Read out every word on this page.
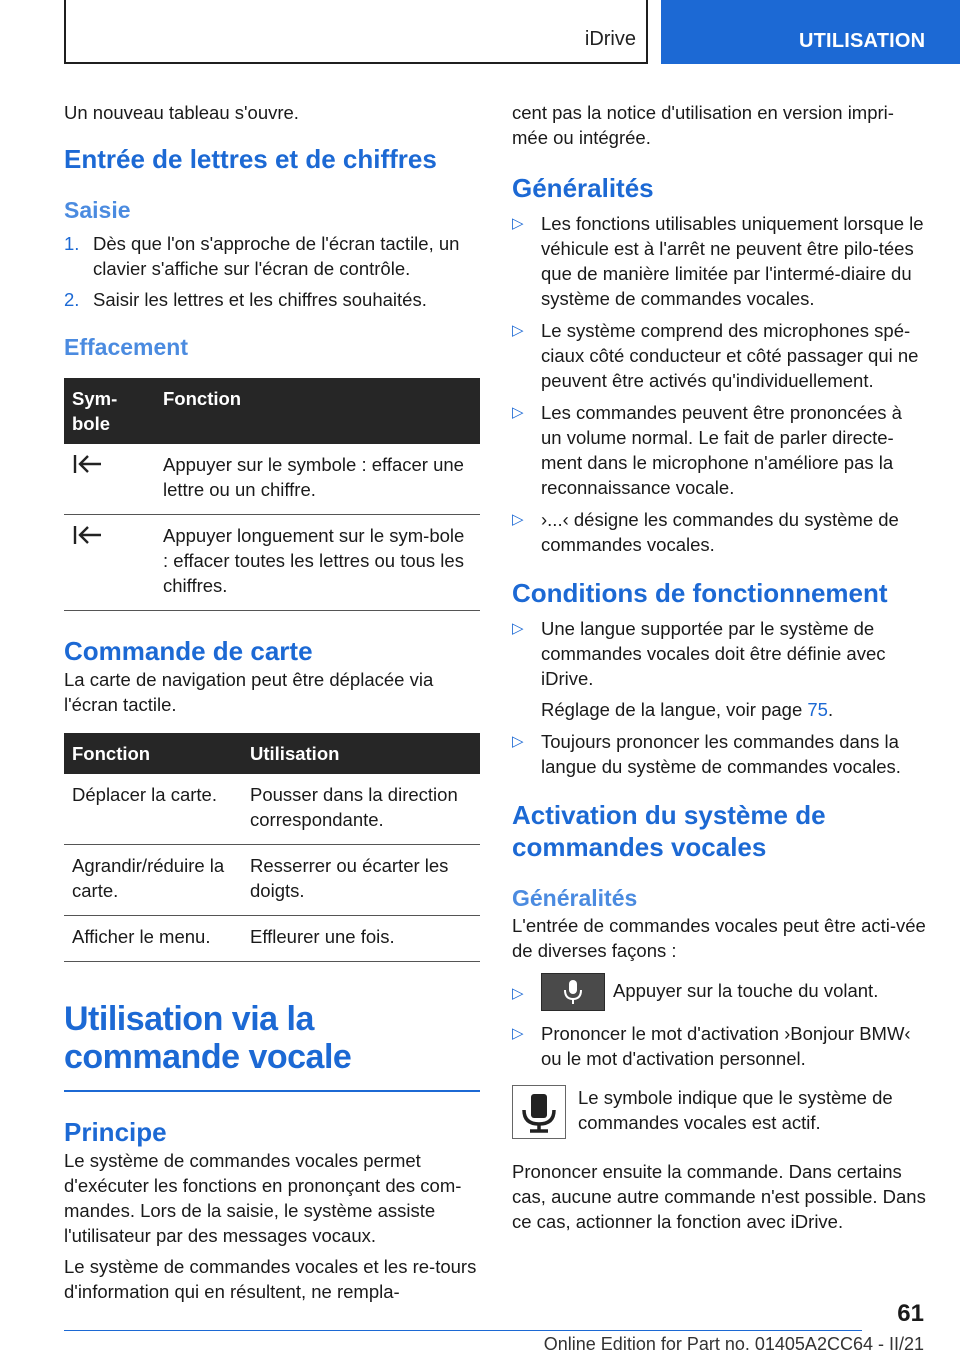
iDrive	UTILISATION

Un nouveau tableau s'ouvre.

Entrée de lettres et de chiffres
Saisie
1. Dès que l'on s'approche de l'écran tactile, un clavier s'affiche sur l'écran de contrôle.
2. Saisir les lettres et les chiffres souhaités.
Effacement
Sym-
bole	Fonction
	Appuyer sur le symbole : effacer une lettre ou un chiffre.
	Appuyer longuement sur le sym-bole : effacer toutes les lettres ou tous les chiffres.
Commande de carte

La carte de navigation peut être déplacée via l'écran tactile.

Fonction	Utilisation
Déplacer la carte.	Pousser dans la direction correspondante.
Agrandir/réduire la carte.	Resserrer ou écarter les doigts.
Afficher le menu.	Effleurer une fois.
Utilisation via la commande vocale
Principe

Le système de commandes vocales permet d'exécuter les fonctions en prononçant des com-mandes. Lors de la saisie, le système assiste l'utilisateur par des messages vocaux.

Le système de commandes vocales et les re-tours d'information qui en résultent, ne rempla-

cent pas la notice d'utilisation en version impri-mée ou intégrée.

Généralités
▷ Les fonctions utilisables uniquement lorsque le véhicule est à l'arrêt ne peuvent être pilo-tées que de manière limitée par l'intermé-diaire du système de commandes vocales.
▷ Le système comprend des microphones spé-ciaux côté conducteur et côté passager qui ne peuvent être activés qu'individuellement.
▷ Les commandes peuvent être prononcées à un volume normal. Le fait de parler directe-ment dans le microphone n'améliore pas la reconnaissance vocale.
▷ ›...‹ désigne les commandes du système de commandes vocales.
Conditions de fonctionnement
▷ Une langue supportée par le système de commandes vocales doit être définie avec iDrive.
Réglage de la langue, voir page 75.
▷ Toujours prononcer les commandes dans la langue du système de commandes vocales.
Activation du système de commandes vocales
Généralités

L'entrée de commandes vocales peut être acti-vée de diverses façons :

▷	Appuyer sur la touche du volant.
▷ Prononcer le mot d'activation ›Bonjour BMW‹ ou le mot d'activation personnel.

Le symbole indique que le système de commandes vocales est actif.

Prononcer ensuite la commande. Dans certains cas, aucune autre commande n'est possible. Dans ce cas, actionner la fonction avec iDrive.

61
Online Edition for Part no. 01405A2CC64 - II/21
